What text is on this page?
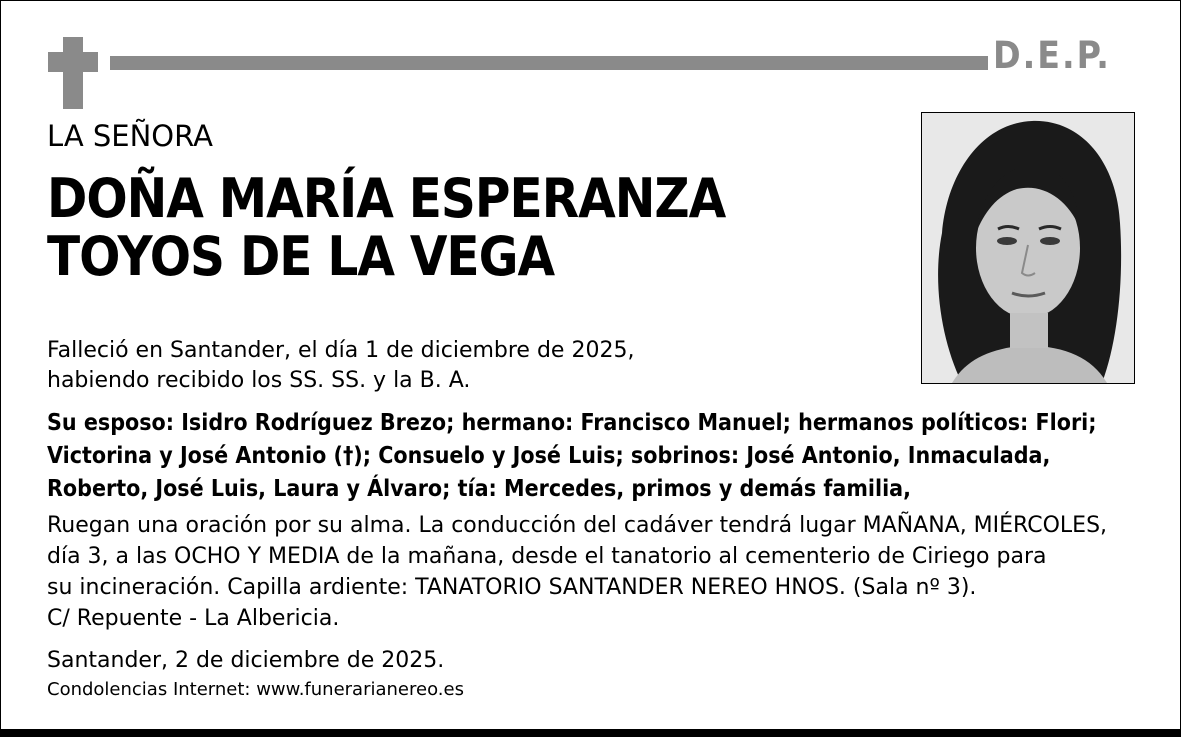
D.E.P.
LA SEÑORA
DOÑA MARÍA ESPERANZA
TOYOS DE LA VEGA
Falleció en Santander, el día 1 de diciembre de 2025,
habiendo recibido los SS. SS. y la B. A.
Su esposo: Isidro Rodríguez Brezo; hermano: Francisco Manuel; hermanos políticos: Flori;
Victorina y José Antonio (†); Consuelo y José Luis; sobrinos: José Antonio, Inmaculada,
Roberto, José Luis, Laura y Álvaro; tía: Mercedes, primos y demás familia,
Ruegan una oración por su alma. La conducción del cadáver tendrá lugar MAÑANA, MIÉRCOLES,
día 3, a las OCHO Y MEDIA de la mañana, desde el tanatorio al cementerio de Ciriego para
su incineración. Capilla ardiente: TANATORIO SANTANDER NEREO HNOS. (Sala nº 3).
C/ Repuente - La Albericia.
Santander, 2 de diciembre de 2025.
Condolencias Internet: www.funerarianereo.es
